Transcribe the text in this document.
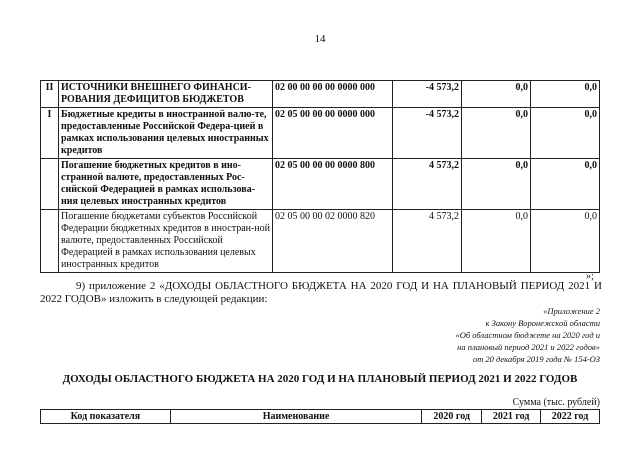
14
II	ИСТОЧНИКИ ВНЕШНЕГО ФИНАНСИ-РОВАНИЯ ДЕФИЦИТОВ БЮДЖЕТОВ	02 00 00 00 00 0000 000	-4 573,2	0,0	0,0
I	Бюджетные кредиты в иностранной валю-те, предоставленные Российской Федера-цией в рамках использования целевых иностранных кредитов	02 05 00 00 00 0000 000	-4 573,2	0,0	0,0
	Погашение бюджетных кредитов в ино-странной валюте, предоставленных Рос-сийской Федерацией в рамках использова-ния целевых иностранных кредитов	02 05 00 00 00 0000 800	4 573,2	0,0	0,0
	Погашение бюджетами субъектов Российской Федерации бюджетных кредитов в иностран-ной валюте, предоставленных Российской Федерацией в рамках использования целевых иностранных кредитов	02 05 00 00 02 0000 820	4 573,2	0,0	0,0
»;
9) приложение 2 «ДОХОДЫ ОБЛАСТНОГО БЮДЖЕТА НА 2020 ГОД И НА ПЛАНОВЫЙ ПЕРИОД 2021 И 2022 ГОДОВ» изложить в следующей редакции:
«Приложение 2
к Закону Воронежской области
«Об областном бюджете на 2020 год и
на плановый период 2021 и 2022 годов»
от 20 декабря 2019 года № 154-ОЗ
ДОХОДЫ ОБЛАСТНОГО БЮДЖЕТА НА 2020 ГОД И НА ПЛАНОВЫЙ ПЕРИОД 2021 И 2022 ГОДОВ
Сумма (тыс. рублей)
Код показателя	Наименование	2020 год	2021 год	2022 год
